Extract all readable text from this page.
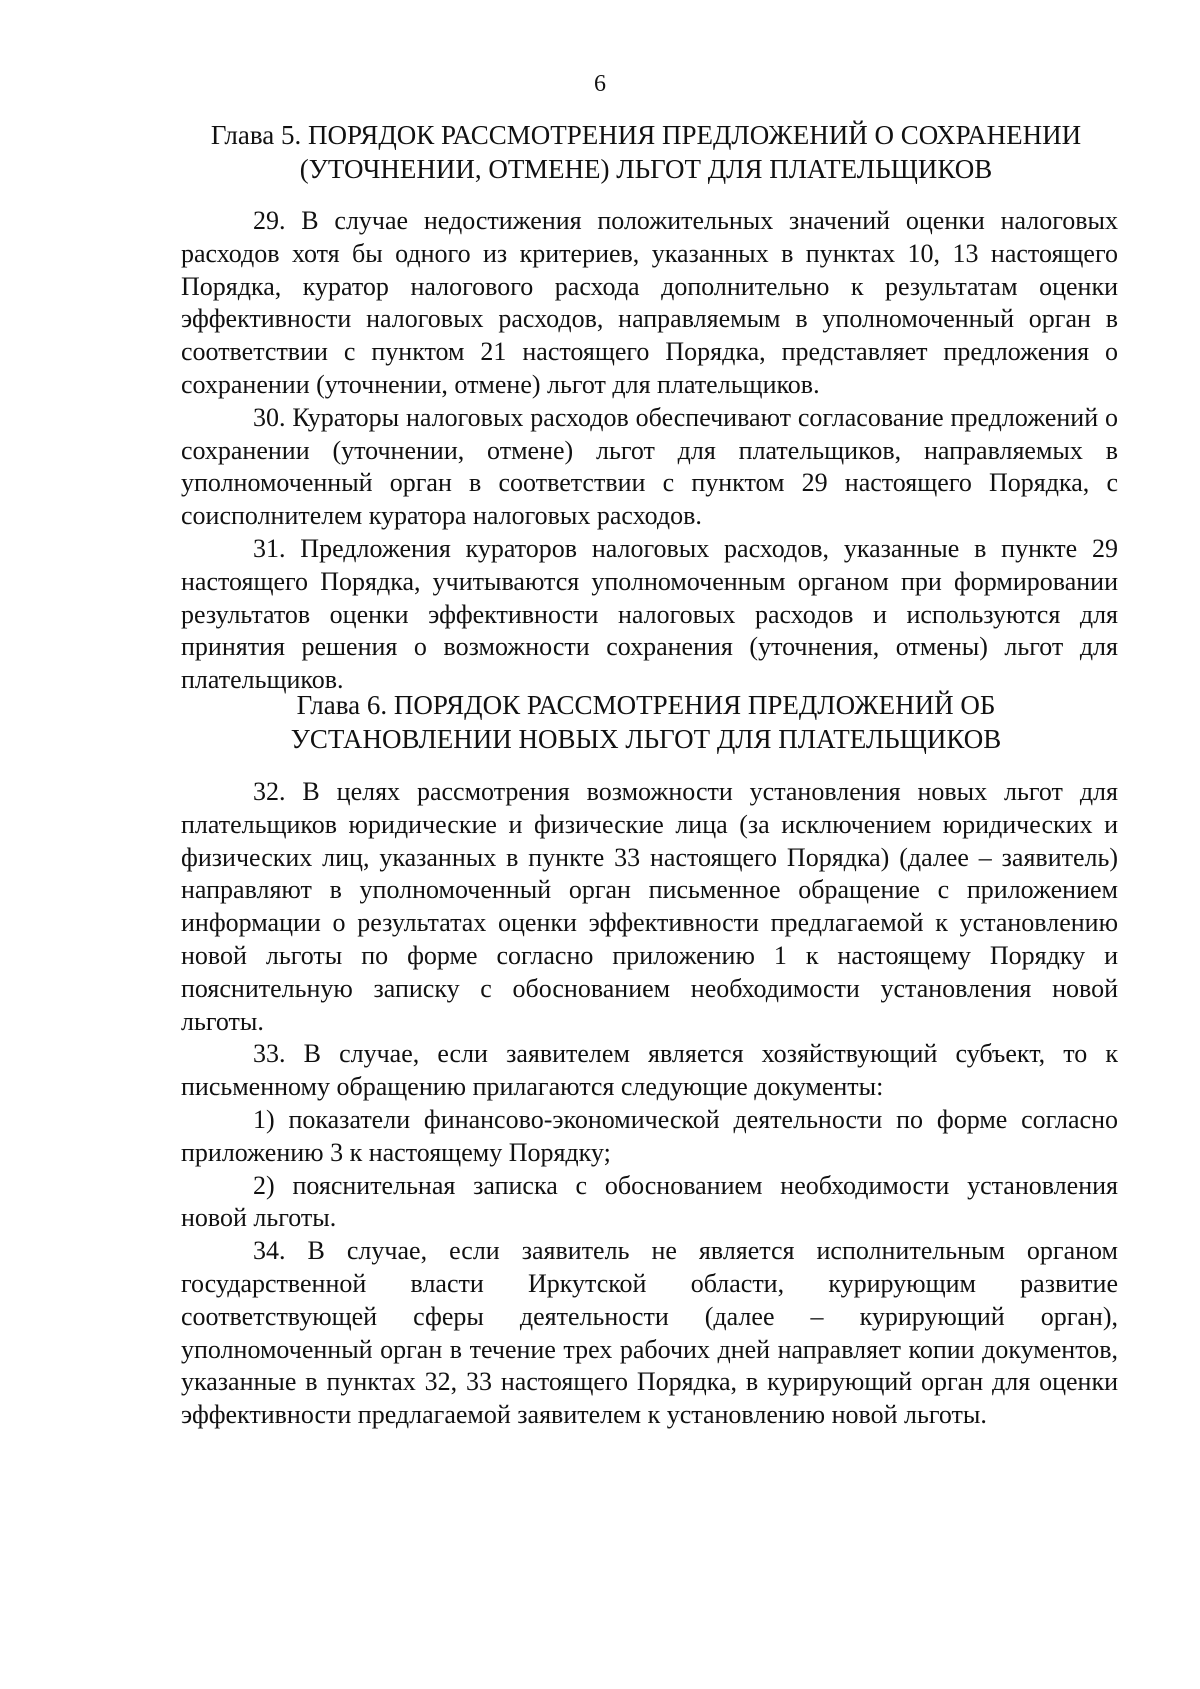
6
Глава 5. ПОРЯДОК РАССМОТРЕНИЯ ПРЕДЛОЖЕНИЙ О СОХРАНЕНИИ
(УТОЧНЕНИИ, ОТМЕНЕ) ЛЬГОТ ДЛЯ ПЛАТЕЛЬЩИКОВ

29. В случае недостижения положительных значений оценки налоговых расходов хотя бы одного из критериев, указанных в пунктах 10, 13 настоящего Порядка, куратор налогового расхода дополнительно к результатам оценки эффективности налоговых расходов, направляемым в уполномоченный орган в соответствии с пунктом 21 настоящего Порядка, представляет предложения о сохранении (уточнении, отмене) льгот для плательщиков.

30. Кураторы налоговых расходов обеспечивают согласование предложений о сохранении (уточнении, отмене) льгот для плательщиков, направляемых в уполномоченный орган в соответствии с пунктом 29 настоящего Порядка, с соисполнителем куратора налоговых расходов.

31. Предложения кураторов налоговых расходов, указанные в пункте 29 настоящего Порядка, учитываются уполномоченным органом при формировании результатов оценки эффективности налоговых расходов и используются для принятия решения о возможности сохранения (уточнения, отмены) льгот для плательщиков.

Глава 6. ПОРЯДОК РАССМОТРЕНИЯ ПРЕДЛОЖЕНИЙ ОБ
УСТАНОВЛЕНИИ НОВЫХ ЛЬГОТ ДЛЯ ПЛАТЕЛЬЩИКОВ

32. В целях рассмотрения возможности установления новых льгот для плательщиков юридические и физические лица (за исключением юридических и физических лиц, указанных в пункте 33 настоящего Порядка) (далее – заявитель) направляют в уполномоченный орган письменное обращение с приложением информации о результатах оценки эффективности предлагаемой к установлению новой льготы по форме согласно приложению 1 к настоящему Порядку и пояснительную записку с обоснованием необходимости установления новой льготы.

33. В случае, если заявителем является хозяйствующий субъект, то к письменному обращению прилагаются следующие документы:

1) показатели финансово-экономической деятельности по форме согласно приложению 3 к настоящему Порядку;

2) пояснительная записка с обоснованием необходимости установления новой льготы.

34. В случае, если заявитель не является исполнительным органом государственной власти Иркутской области, курирующим развитие соответствующей сферы деятельности (далее – курирующий орган), уполномоченный орган в течение трех рабочих дней направляет копии документов, указанные в пунктах 32, 33 настоящего Порядка, в курирующий орган для оценки эффективности предлагаемой заявителем к установлению новой льготы.
